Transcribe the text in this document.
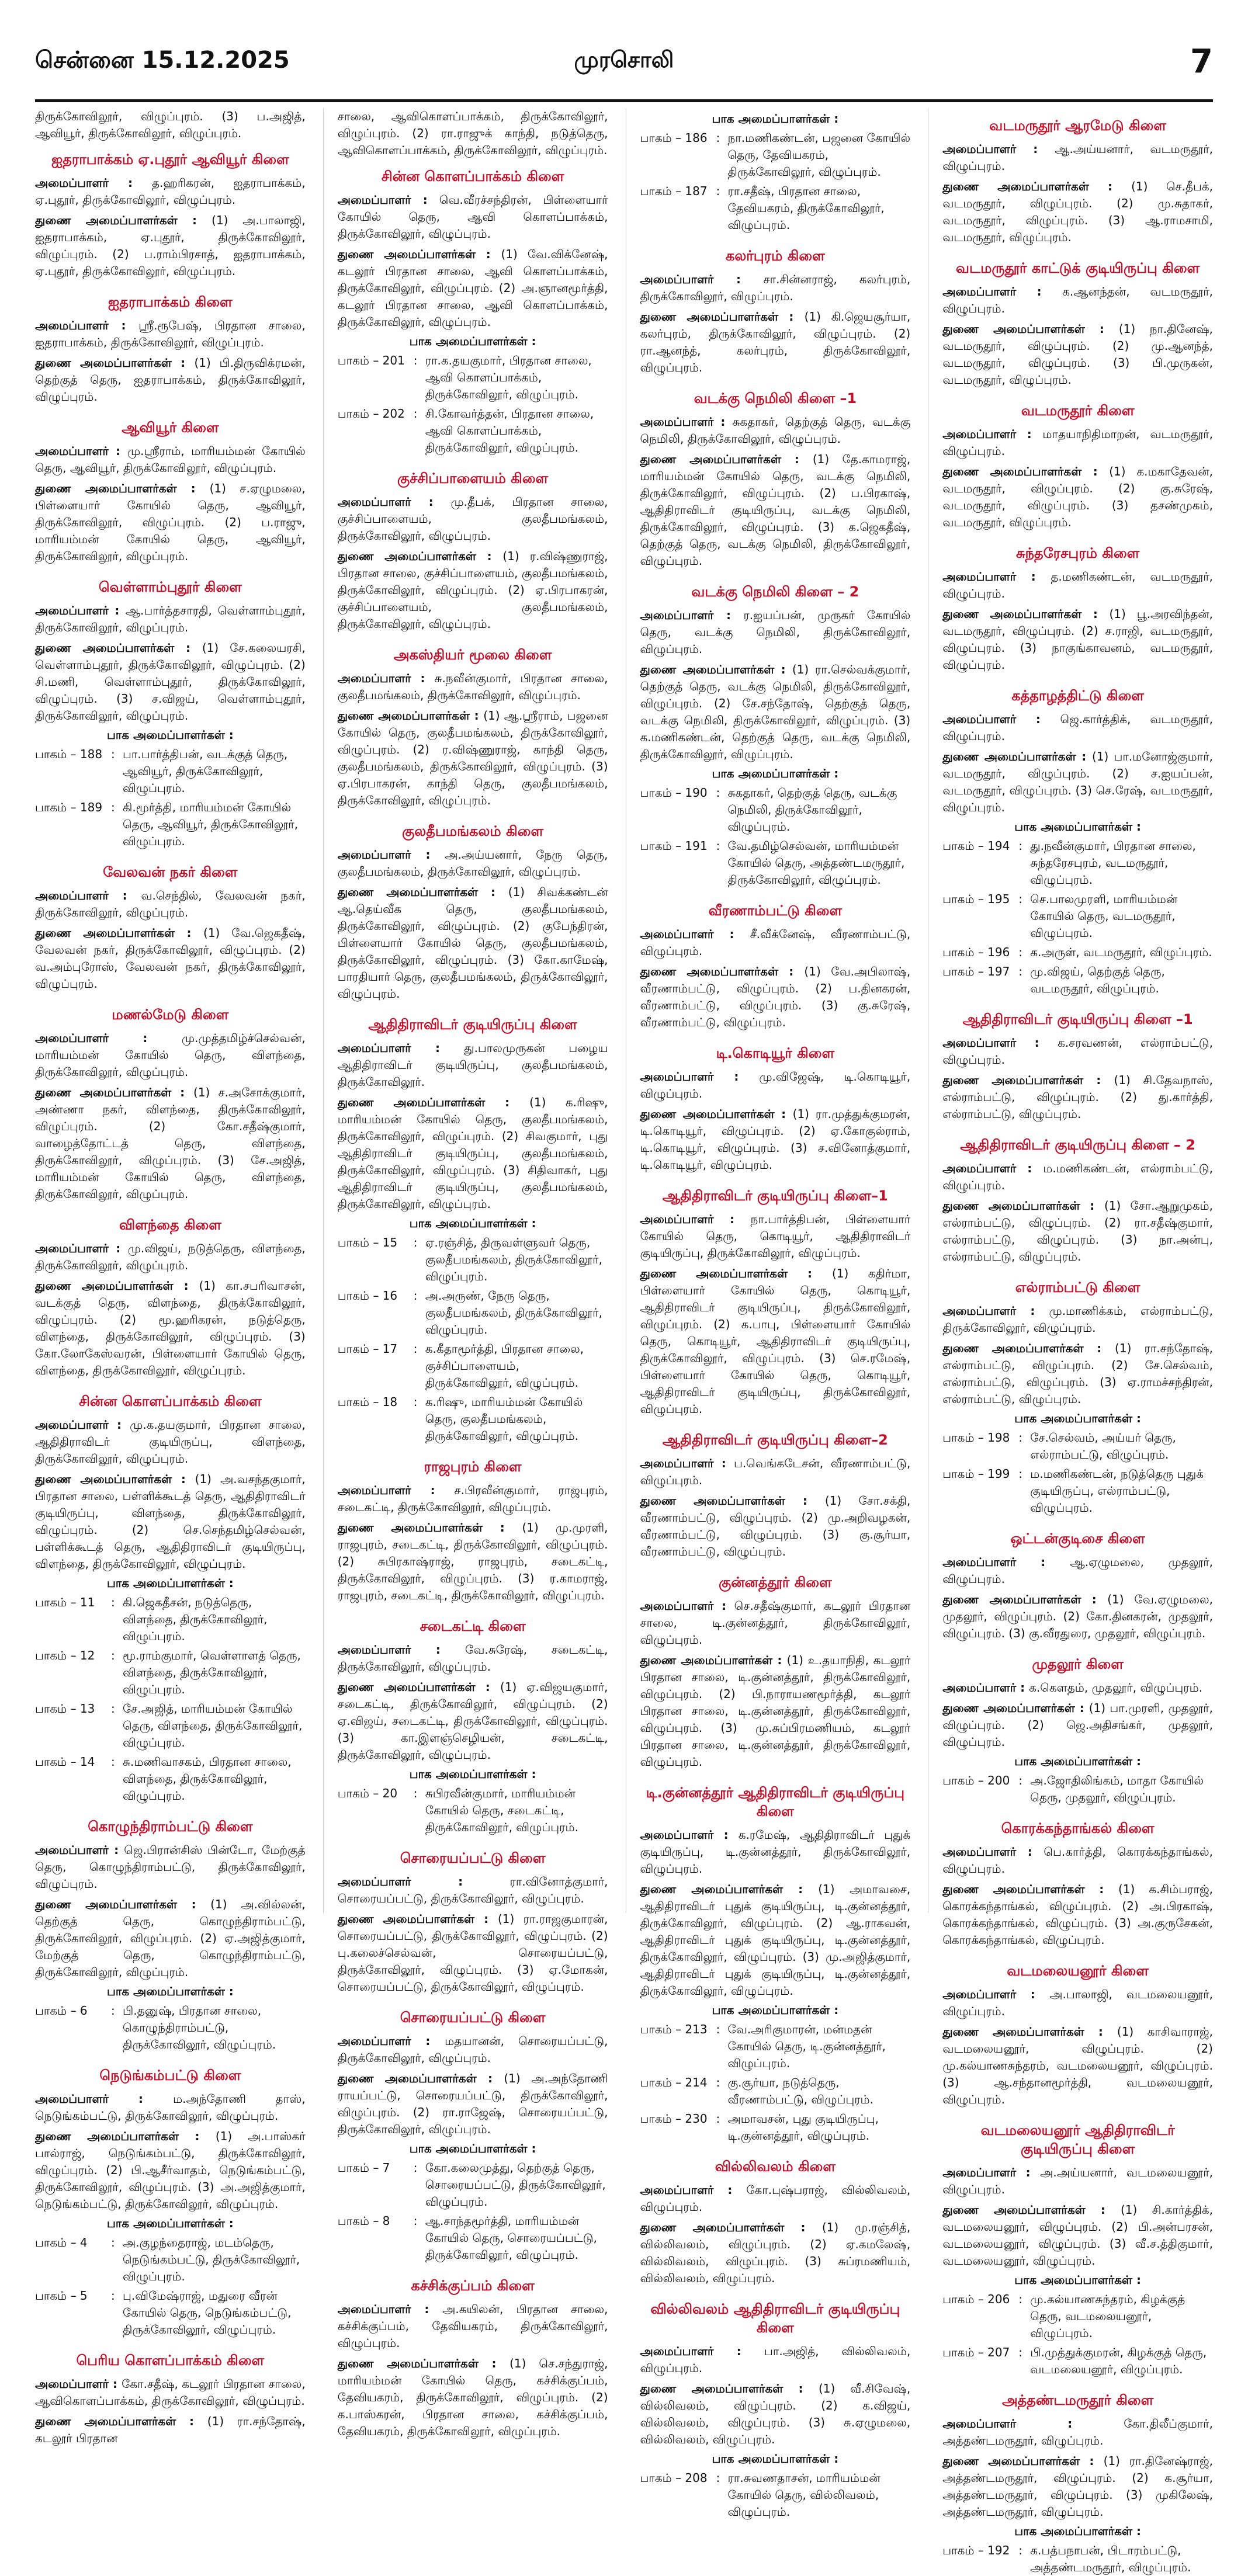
சென்னை 15.12.2025	முரசொலி	7

திருக்கோவிலூர், விழுப்புரம். (3) ப.அஜித், ஆவியூர், திருக்கோவிலூர், விழுப்புரம்.

ஐதராபாக்கம் ஏ.புதூர் ஆவியூர் கிளை

அமைப்பாளர் : த.ஹரிகரன், ஐதராபாக்கம், ஏ.புதூர், திருக்கோவிலூர், விழுப்புரம்.

துணை அமைப்பாளர்கள் : (1) அ.பாலாஜி, ஐதராபாக்கம், ஏ.புதூர், திருக்கோவிலூர், விழுப்புரம். (2) ப.ராம்பிரசாத், ஐதராபாக்கம், ஏ.புதூர், திருக்கோவிலூர், விழுப்புரம்.

ஐதராபாக்கம் கிளை

அமைப்பாளர் : ஸ்ரீ.ரூபேஷ், பிரதான சாலை, ஐதராபாக்கம், திருக்கோவிலூர், விழுப்புரம்.

துணை அமைப்பாளர்கள் : (1) பி.திருவிக்ரமன், தெற்குத் தெரு, ஐதராபாக்கம், திருக்கோவிலூர், விழுப்புரம்.

ஆவியூர் கிளை

அமைப்பாளர் : மு.ஸ்ரீராம், மாரியம்மன் கோயில் தெரு, ஆவியூர், திருக்கோவிலூர், விழுப்புரம்.

துணை அமைப்பாளர்கள் : (1) ச.ஏழுமலை, பிள்ளையார் கோயில் தெரு, ஆவியூர், திருக்கோவிலூர், விழுப்புரம். (2) ப.ராஜு, மாரியம்மன் கோயில் தெரு, ஆவியூர், திருக்கோவிலூர், விழுப்புரம்.

வெள்ளாம்புதூர் கிளை

அமைப்பாளர் : ஆ.பார்த்தசாரதி, வெள்ளாம்புதூர், திருக்கோவிலூர், விழுப்புரம்.

துணை அமைப்பாளர்கள் : (1) சே.கலையரசி, வெள்ளாம்புதூர், திருக்கோவிலூர், விழுப்புரம். (2) சி.மணி, வெள்ளாம்புதூர், திருக்கோவிலூர், விழுப்புரம். (3) ச.விஜய், வெள்ளாம்புதூர், திருக்கோவிலூர், விழுப்புரம்.

பாக அமைப்பாளர்கள் :
பாகம் – 188 : பா.பார்த்திபன், வடக்குத் தெரு, ஆவியூர், திருக்கோவிலூர், விழுப்புரம்.
பாகம் – 189 : கி.மூர்த்தி, மாரியம்மன் கோயில் தெரு, ஆவியூர், திருக்கோவிலூர், விழுப்புரம்.
வேலவன் நகர் கிளை

அமைப்பாளர் : வ.செந்தில், வேலவன் நகர், திருக்கோவிலூர், விழுப்புரம்.

துணை அமைப்பாளர்கள் : (1) வே.ஜெகதீஷ், வேலவன் நகர், திருக்கோவிலூர், விழுப்புரம். (2) வ.அம்புரோஸ், வேலவன் நகர், திருக்கோவிலூர், விழுப்புரம்.

மணல்மேடு கிளை

அமைப்பாளர் : மு.முத்தமிழ்ச்செல்வன், மாரியம்மன் கோயில் தெரு, விளந்தை, திருக்கோவிலூர், விழுப்புரம்.

துணை அமைப்பாளர்கள் : (1) ச.அசோக்குமார், அண்ணா நகர், விளந்தை, திருக்கோவிலூர், விழுப்புரம். (2) கோ.சதீஷ்குமார், வாழைத்தோட்டத் தெரு, விளந்தை, திருக்கோவிலூர், விழுப்புரம். (3) சே.அஜித், மாரியம்மன் கோயில் தெரு, விளந்தை, திருக்கோவிலூர், விழுப்புரம்.

விளந்தை கிளை

அமைப்பாளர் : மு.விஜய், நடுத்தெரு, விளந்தை, திருக்கோவிலூர், விழுப்புரம்.

துணை அமைப்பாளர்கள் : (1) கா.சபரிவாசன், வடக்குத் தெரு, விளந்தை, திருக்கோவிலூர், விழுப்புரம். (2) மூ.ஹரிகரன், நடுத்தெரு, விளந்தை, திருக்கோவிலூர், விழுப்புரம். (3) கோ.லோகேஸ்வரன், பிள்ளையார் கோயில் தெரு, விளந்தை, திருக்கோவிலூர், விழுப்புரம்.

சின்ன கொளப்பாக்கம் கிளை

அமைப்பாளர் : மு.க.தயகுமார், பிரதான சாலை, ஆதிதிராவிடர் குடியிருப்பு, விளந்தை, திருக்கோவிலூர், விழுப்புரம்.

துணை அமைப்பாளர்கள் : (1) அ.வசந்தகுமார், பிரதான சாலை, பள்ளிக்கூடத் தெரு, ஆதிதிராவிடர் குடியிருப்பு, விளந்தை, திருக்கோவிலூர், விழுப்புரம். (2) செ.செந்தமிழ்செல்வன், பள்ளிக்கூடத் தெரு, ஆதிதிராவிடர் குடியிருப்பு, விளந்தை, திருக்கோவிலூர், விழுப்புரம்.

பாக அமைப்பாளர்கள் :
பாகம் – 11	: கி.ஜெகதீசன், நடுத்தெரு, விளந்தை, திருக்கோவிலூர், விழுப்புரம்.
பாகம் – 12	: மூ.ராம்குமார், வெள்ளாளத் தெரு, விளந்தை, திருக்கோவிலூர், விழுப்புரம்.
பாகம் – 13	: சே.அஜித், மாரியம்மன் கோயில் தெரு, விளந்தை, திருக்கோவிலூர், விழுப்புரம்.
பாகம் – 14	: சு.மணிவாசகம், பிரதான சாலை, விளந்தை, திருக்கோவிலூர், விழுப்புரம்.
கொழுந்திராம்பட்டு கிளை

அமைப்பாளர் : ஜெ.பிரான்சிஸ் பின்டோ, மேற்குத் தெரு, கொழுந்திராம்பட்டு, திருக்கோவிலூர், விழுப்புரம்.

துணை அமைப்பாளர்கள் : (1) அ.வில்லன், தெற்குத் தெரு, கொழுந்திராம்பட்டு, திருக்கோவிலூர், விழுப்புரம். (2) ஏ.அஜித்குமார், மேற்குத் தெரு, கொழுந்திராம்பட்டு, திருக்கோவிலூர், விழுப்புரம்.

பாக அமைப்பாளர்கள் :
பாகம் – 6	: பி.தனுஷ், பிரதான சாலை, கொழுந்திராம்பட்டு, திருக்கோவிலூர், விழுப்புரம்.
நெடுங்கம்பட்டு கிளை

அமைப்பாளர் : ம.அந்தோணி தாஸ், நெடுங்கம்பட்டு, திருக்கோவிலூர், விழுப்புரம்.

துணை அமைப்பாளர்கள் : (1) அ.பாஸ்கர் பால்ராஜ், நெடுங்கம்பட்டு, திருக்கோவிலூர், விழுப்புரம். (2) பி.ஆசீர்வாதம், நெடுங்கம்பட்டு, திருக்கோவிலூர், விழுப்புரம். (3) அ.அஜித்குமார், நெடுங்கம்பட்டு, திருக்கோவிலூர், விழுப்புரம்.

பாக அமைப்பாளர்கள் :
பாகம் – 4	: அ.குழந்தைராஜ், மடம்தெரு, நெடுங்கம்பட்டு, திருக்கோவிலூர், விழுப்புரம்.
பாகம் – 5	: பு.விமேஷ்ராஜ், மதுரை வீரன் கோயில் தெரு, நெடுங்கம்பட்டு, திருக்கோவிலூர், விழுப்புரம்.
பெரிய கொளப்பாக்கம் கிளை

அமைப்பாளர் : கோ.சதீஷ், கடலூர் பிரதான சாலை, ஆவிகொளப்பாக்கம், திருக்கோவிலூர், விழுப்புரம்.

துணை அமைப்பாளர்கள் : (1) ரா.சந்தோஷ், கடலூர் பிரதான

சாலை, ஆவிகொளப்பாக்கம், திருக்கோவிலூர், விழுப்புரம். (2) ரா.ராஜுக் காந்தி, நடுத்தெரு, ஆவிகொளப்பாக்கம், திருக்கோவிலூர், விழுப்புரம்.

சின்ன கொளப்பாக்கம் கிளை

அமைப்பாளர் : வெ.வீரச்சந்திரன், பிள்ளையார் கோயில் தெரு, ஆவி கொளப்பாக்கம், திருக்கோவிலூர், விழுப்புரம்.

துணை அமைப்பாளர்கள் : (1) வே.விக்னேஷ், கடலூர் பிரதான சாலை, ஆவி கொளப்பாக்கம், திருக்கோவிலூர், விழுப்புரம். (2) அ.ஞானமூர்த்தி, கடலூர் பிரதான சாலை, ஆவி கொளப்பாக்கம், திருக்கோவிலூர், விழுப்புரம்.

பாக அமைப்பாளர்கள் :
பாகம் – 201 : ரா.க.தயகுமார், பிரதான சாலை, ஆவி கொளப்பாக்கம், திருக்கோவிலூர், விழுப்புரம்.
பாகம் – 202 : சி.கோவர்த்தன், பிரதான சாலை, ஆவி கொளப்பாக்கம், திருக்கோவிலூர், விழுப்புரம்.
குச்சிப்பாளையம் கிளை

அமைப்பாளர் : மு.தீபக், பிரதான சாலை, குச்சிப்பாளையம், குலதீபமங்கலம், திருக்கோவிலூர், விழுப்புரம்.

துணை அமைப்பாளர்கள் : (1) ர.விஷ்ணுராஜ், பிரதான சாலை, குச்சிப்பாளையம், குலதீபமங்கலம், திருக்கோவிலூர், விழுப்புரம். (2) ஏ.பிரபாகரன், குச்சிப்பாளையம், குலதீபமங்கலம், திருக்கோவிலூர், விழுப்புரம்.

அகஸ்தியர் மூலை கிளை

அமைப்பாளர் : சு.நவீன்குமார், பிரதான சாலை, குலதீபமங்கலம், திருக்கோவிலூர், விழுப்புரம்.

துணை அமைப்பாளர்கள் : (1) ஆ.ஸ்ரீராம், பஜனை கோயில் தெரு, குலதீபமங்கலம், திருக்கோவிலூர், விழுப்புரம். (2) ர.விஷ்ணுராஜ், காந்தி தெரு, குலதீபமங்கலம், திருக்கோவிலூர், விழுப்புரம். (3) ஏ.பிரபாகரன், காந்தி தெரு, குலதீபமங்கலம், திருக்கோவிலூர், விழுப்புரம்.

குலதீபமங்கலம் கிளை

அமைப்பாளர் : அ.அய்யனார், நேரு தெரு, குலதீபமங்கலம், திருக்கோவிலூர், விழுப்புரம்.

துணை அமைப்பாளர்கள் : (1) சிவக்கண்டன் ஆ.தெய்வீக தெரு, குலதீபமங்கலம், திருக்கோவிலூர், விழுப்புரம். (2) குபேந்திரன், பிள்ளையார் கோயில் தெரு, குலதீபமங்கலம், திருக்கோவிலூர், விழுப்புரம். (3) கோ.காமேஷ், பாரதியார் தெரு, குலதீபமங்கலம், திருக்கோவிலூர், விழுப்புரம்.

ஆதிதிராவிடர் குடியிருப்பு கிளை

அமைப்பாளர் : து.பாலமுருகன் பழைய ஆதிதிராவிடர் குடியிருப்பு, குலதீபமங்கலம், திருக்கோவிலூர்.

துணை அமைப்பாளர்கள் : (1) க.ரிஷு, மாரியம்மன் கோயில் தெரு, குலதீபமங்கலம், திருக்கோவிலூர், விழுப்புரம். (2) சிவகுமார், புது ஆதிதிராவிடர் குடியிருப்பு, குலதீபமங்கலம், திருக்கோவிலூர், விழுப்புரம். (3) சிதிவாகர், புது ஆதிதிராவிடர் குடியிருப்பு, குலதீபமங்கலம், திருக்கோவிலூர், விழுப்புரம்.

பாக அமைப்பாளர்கள் :
பாகம் – 15	: ஏ.ரஞ்சித், திருவள்ளுவர் தெரு, குலதீபமங்கலம், திருக்கோவிலூர், விழுப்புரம்.
பாகம் – 16	: அ.அருண், நேரு தெரு, குலதீபமங்கலம், திருக்கோவிலூர், விழுப்புரம்.
பாகம் – 17	: க.கீதாமூர்த்தி, பிரதான சாலை, குச்சிப்பாளையம், திருக்கோவிலூர், விழுப்புரம்.
பாகம் – 18	: க.ரிஷு, மாரியம்மன் கோயில் தெரு, குலதீபமங்கலம், திருக்கோவிலூர், விழுப்புரம்.
ராஜபுரம் கிளை

அமைப்பாளர் : ச.பிரவீன்குமார், ராஜபுரம், சடைகட்டி, திருக்கோவிலூர், விழுப்புரம்.

துணை அமைப்பாளர்கள் : (1) மு.முரளி, ராஜபுரம், சடைகட்டி, திருக்கோவிலூர், விழுப்புரம். (2) சுபிரகாஷ்ராஜ், ராஜபுரம், சடைகட்டி, திருக்கோவிலூர், விழுப்புரம். (3) ர.காமராஜ், ராஜபுரம், சடைகட்டி, திருக்கோவிலூர், விழுப்புரம்.

சடைகட்டி கிளை

அமைப்பாளர் : வே.சுரேஷ், சடைகட்டி, திருக்கோவிலூர், விழுப்புரம்.

துணை அமைப்பாளர்கள் : (1) ஏ.விஜயகுமார், சடைகட்டி, திருக்கோவிலூர், விழுப்புரம். (2) ஏ.விஜய், சடைகட்டி, திருக்கோவிலூர், விழுப்புரம். (3) கா.இளஞ்செழியன், சடைகட்டி, திருக்கோவிலூர், விழுப்புரம்.

பாக அமைப்பாளர்கள் :
பாகம் – 20	: சுபிரவீன்குமார், மாரியம்மன் கோயில் தெரு, சடைகட்டி, திருக்கோவிலூர், விழுப்புரம்.
சொரையப்பட்டு கிளை

அமைப்பாளர் : ரா.வினோத்குமார், சொரையப்பட்டு, திருக்கோவிலூர், விழுப்புரம்.

துணை அமைப்பாளர்கள் : (1) ரா.ராஜகுமாரன், சொரையப்பட்டு, திருக்கோவிலூர், விழுப்புரம். (2) பு.கலைச்செல்வன், சொரையப்பட்டு, திருக்கோவிலூர், விழுப்புரம். (3) ஏ.மோகன், சொரையப்பட்டு, திருக்கோவிலூர், விழுப்புரம்.

சொரையப்பட்டு கிளை

அமைப்பாளர் : மதயானன், சொரையப்பட்டு, திருக்கோவிலூர், விழுப்புரம்.

துணை அமைப்பாளர்கள் : (1) அ.அந்தோணி ராயப்பட்டு, சொரையப்பட்டு, திருக்கோவிலூர், விழுப்புரம். (2) ரா.ராஜேஷ், சொரையப்பட்டு, திருக்கோவிலூர், விழுப்புரம்.

பாக அமைப்பாளர்கள் :
பாகம் – 7	: கோ.கலைமுத்து, தெற்குத் தெரு, சொரையப்பட்டு, திருக்கோவிலூர், விழுப்புரம்.
பாகம் – 8	: ஆ.சாந்தமூர்த்தி, மாரியம்மன் கோயில் தெரு, சொரையப்பட்டு, திருக்கோவிலூர், விழுப்புரம்.
கச்சிக்குப்பம் கிளை

அமைப்பாளர் : அ.கயிலன், பிரதான சாலை, கச்சிக்குப்பம், தேவியகரம், திருக்கோவிலூர், விழுப்புரம்.

துணை அமைப்பாளர்கள் : (1) செ.சந்துராஜ், மாரியம்மன் கோயில் தெரு, கச்சிக்குப்பம், தேவியகரம், திருக்கோவிலூர், விழுப்புரம். (2) க.பாஸ்கரன், பிரதான சாலை, கச்சிக்குப்பம், தேவியகரம், திருக்கோவிலூர், விழுப்புரம்.

பாக அமைப்பாளர்கள் :
பாகம் – 186 : நா.மணிகண்டன், பஜனை கோயில் தெரு, தேவியகரம், திருக்கோவிலூர், விழுப்புரம்.
பாகம் – 187 : ரா.சதீஷ், பிரதான சாலை, தேவியகரம், திருக்கோவிலூர், விழுப்புரம்.
கலர்புரம் கிளை

அமைப்பாளர் : சா.சின்னராஜ், கலர்புரம், திருக்கோவிலூர், விழுப்புரம்.

துணை அமைப்பாளர்கள் : (1) கி.ஜெயசூர்யா, கலர்புரம், திருக்கோவிலூர், விழுப்புரம். (2) ரா.ஆனந்த், கலர்புரம், திருக்கோவிலூர், விழுப்புரம்.

வடக்கு நெமிலி கிளை –1

அமைப்பாளர் : சுகதாகர், தெற்குத் தெரு, வடக்கு நெமிலி, திருக்கோவிலூர், விழுப்புரம்.

துணை அமைப்பாளர்கள் : (1) தே.காமராஜ், மாரியம்மன் கோயில் தெரு, வடக்கு நெமிலி, திருக்கோவிலூர், விழுப்புரம். (2) ப.பிரகாஷ், ஆதிதிராவிடர் குடியிருப்பு, வடக்கு நெமிலி, திருக்கோவிலூர், விழுப்புரம். (3) க.ஜெகதீஷ், தெற்குத் தெரு, வடக்கு நெமிலி, திருக்கோவிலூர், விழுப்புரம்.

வடக்கு நெமிலி கிளை – 2

அமைப்பாளர் : ர.ஐயப்பன், முருகர் கோயில் தெரு, வடக்கு நெமிலி, திருக்கோவிலூர், விழுப்புரம்.

துணை அமைப்பாளர்கள் : (1) ரா.செல்வக்குமார், தெற்குத் தெரு, வடக்கு நெமிலி, திருக்கோவிலூர், விழுப்புரம். (2) சே.சந்தோஷ், தெற்குத் தெரு, வடக்கு நெமிலி, திருக்கோவிலூர், விழுப்புரம். (3) க.மணிகண்டன், தெற்குத் தெரு, வடக்கு நெமிலி, திருக்கோவிலூர், விழுப்புரம்.

பாக அமைப்பாளர்கள் :
பாகம் – 190 : சுகதாகர், தெற்குத் தெரு, வடக்கு நெமிலி, திருக்கோவிலூர், விழுப்புரம்.
பாகம் – 191 : வே.தமிழ்செல்வன், மாரியம்மன் கோயில் தெரு, அத்தண்டமருதூர், திருக்கோவிலூர், விழுப்புரம்.
வீரணாம்பட்டு கிளை

அமைப்பாளர் : சீ.வீக்னேஷ், வீரணாம்பட்டு, விழுப்புரம்.

துணை அமைப்பாளர்கள் : (1) வே.அபிலாஷ், வீரணாம்பட்டு, விழுப்புரம். (2) ப.தினகரன், வீரணாம்பட்டு, விழுப்புரம். (3) கு.சுரேஷ், வீரணாம்பட்டு, விழுப்புரம்.

டி.கொடியூர் கிளை

அமைப்பாளர் : மு.விஜேஷ், டி.கொடியூர், விழுப்புரம்.

துணை அமைப்பாளர்கள் : (1) ரா.முத்துக்குமரன், டி.கொடியூர், விழுப்புரம். (2) ஏ.கோகுல்ராம், டி.கொடியூர், விழுப்புரம். (3) ச.வினோத்குமார், டி.கொடியூர், விழுப்புரம்.

ஆதிதிராவிடர் குடியிருப்பு கிளை–1

அமைப்பாளர் : நா.பார்த்திபன், பிள்ளையார் கோயில் தெரு, கொடியூர், ஆதிதிராவிடர் குடியிருப்பு, திருக்கோவிலூர், விழுப்புரம்.

துணை அமைப்பாளர்கள் : (1) கதிர்மா, பிள்ளையார் கோயில் தெரு, கொடியூர், ஆதிதிராவிடர் குடியிருப்பு, திருக்கோவிலூர், விழுப்புரம். (2) க.பாபு, பிள்ளையார் கோயில் தெரு, கொடியூர், ஆதிதிராவிடர் குடியிருப்பு, திருக்கோவிலூர், விழுப்புரம். (3) செ.ரமேஷ், பிள்ளையார் கோயில் தெரு, கொடியூர், ஆதிதிராவிடர் குடியிருப்பு, திருக்கோவிலூர், விழுப்புரம்.

ஆதிதிராவிடர் குடியிருப்பு கிளை–2

அமைப்பாளர் : ப.வெங்கடேசன், வீரணாம்பட்டு, விழுப்புரம்.

துணை அமைப்பாளர்கள் : (1) சோ.சக்தி, வீரணாம்பட்டு, விழுப்புரம். (2) மு.அறிவழகன், வீரணாம்பட்டு, விழுப்புரம். (3) கு.சூர்யா, வீரணாம்பட்டு, விழுப்புரம்.

குன்னத்தூர் கிளை

அமைப்பாளர் : செ.சதீஷ்குமார், கடலூர் பிரதான சாலை, டி.குன்னத்தூர், திருக்கோவிலூர், விழுப்புரம்.

துணை அமைப்பாளர்கள் : (1) உ.தயாநிதி, கடலூர் பிரதான சாலை, டி.குன்னத்தூர், திருக்கோவிலூர், விழுப்புரம். (2) பி.நாராயணமூர்த்தி, கடலூர் பிரதான சாலை, டி.குன்னத்தூர், திருக்கோவிலூர், விழுப்புரம். (3) மு.சுப்பிரமணியம், கடலூர் பிரதான சாலை, டி.குன்னத்தூர், திருக்கோவிலூர், விழுப்புரம்.

டி.குன்னத்தூர் ஆதிதிராவிடர் குடியிருப்பு கிளை

அமைப்பாளர் : க.ரமேஷ், ஆதிதிராவிடர் புதுக் குடியிருப்பு, டி.குன்னத்தூர், திருக்கோவிலூர், விழுப்புரம்.

துணை அமைப்பாளர்கள் : (1) அமாவசை, ஆதிதிராவிடர் புதுக் குடியிருப்பு, டி.குன்னத்தூர், திருக்கோவிலூர், விழுப்புரம். (2) ஆ.ராகவன், ஆதிதிராவிடர் புதுக் குடியிருப்பு, டி.குன்னத்தூர், திருக்கோவிலூர், விழுப்புரம். (3) மு.அஜித்குமார், ஆதிதிராவிடர் புதுக் குடியிருப்பு, டி.குன்னத்தூர், திருக்கோவிலூர், விழுப்புரம்.

பாக அமைப்பாளர்கள் :
பாகம் – 213 : வே.அரிகுமாரன், மன்மதன் கோயில் தெரு, டி.குன்னத்தூர், விழுப்புரம்.
பாகம் – 214 : கு.சூர்யா, நடுத்தெரு, வீரணாம்பட்டு, விழுப்புரம்.
பாகம் – 230 : அமாவசன், புது குடியிருப்பு, டி.குன்னத்தூர், விழுப்புரம்.
வில்லிவலம் கிளை

அமைப்பாளர் : கோ.புஷ்பராஜ், வில்லிவலம், விழுப்புரம்.

துணை அமைப்பாளர்கள் : (1) மு.ரஞ்சித், வில்லிவலம், விழுப்புரம். (2) ஏ.கமலேஷ், வில்லிவலம், விழுப்புரம். (3) சுப்ரமணியம், வில்லிவலம், விழுப்புரம்.

வில்லிவலம் ஆதிதிராவிடர் குடியிருப்பு கிளை

அமைப்பாளர் : பா.அஜித், வில்லிவலம், விழுப்புரம்.

துணை அமைப்பாளர்கள் : (1) வீ.சிவேஷ், வில்லிவலம், விழுப்புரம். (2) க.விஜய், வில்லிவலம், விழுப்புரம். (3) சு.ஏழுமலை, வில்லிவலம், விழுப்புரம்.

பாக அமைப்பாளர்கள் :
பாகம் – 208 : ரா.சுவணதாசன், மாரியம்மன் கோயில் தெரு, வில்லிவலம், விழுப்புரம்.
வடமருதூர் ஆரமேடு கிளை

அமைப்பாளர் : ஆ.அய்யனார், வடமருதூர், விழுப்புரம்.

துணை அமைப்பாளர்கள் : (1) செ.தீபக், வடமருதூர், விழுப்புரம். (2) மு.சுதாகர், வடமருதூர், விழுப்புரம். (3) ஆ.ராமசாமி, வடமருதூர், விழுப்புரம்.

வடமருதூர் காட்டுக் குடியிருப்பு கிளை

அமைப்பாளர் : க.ஆனந்தன், வடமருதூர், விழுப்புரம்.

துணை அமைப்பாளர்கள் : (1) நா.தினேஷ், வடமருதூர், விழுப்புரம். (2) மு.ஆனந்த், வடமருதூர், விழுப்புரம். (3) பி.முருகன், வடமருதூர், விழுப்புரம்.

வடமருதூர் கிளை

அமைப்பாளர் : மாதயாநிதிமாறன், வடமருதூர், விழுப்புரம்.

துணை அமைப்பாளர்கள் : (1) க.மகாதேவன், வடமருதூர், விழுப்புரம். (2) கு.சுரேஷ், வடமருதூர், விழுப்புரம். (3) தசண்முகம், வடமருதூர், விழுப்புரம்.

சுந்தரேசபுரம் கிளை

அமைப்பாளர் : த.மணிகண்டன், வடமருதூர், விழுப்புரம்.

துணை அமைப்பாளர்கள் : (1) பூ.அரவிந்தன், வடமருதூர், விழுப்புரம். (2) ச.ராஜி, வடமருதூர், விழுப்புரம். (3) நாகுங்காவனம், வடமருதூர், விழுப்புரம்.

கத்தாழத்திட்டு கிளை

அமைப்பாளர் : ஜெ.கார்த்திக், வடமருதூர், விழுப்புரம்.

துணை அமைப்பாளர்கள் : (1) பா.மனோஜ்குமார், வடமருதூர், விழுப்புரம். (2) ச.ஐயப்பன், வடமருதூர், விழுப்புரம். (3) செ.ரேஷ், வடமருதூர், விழுப்புரம்.

பாக அமைப்பாளர்கள் :
பாகம் – 194 : து.நவீன்குமார், பிரதான சாலை, சுந்தரேசபுரம், வடமருதூர், விழுப்புரம்.
பாகம் – 195 : செ.பாலமுரளி, மாரியம்மன் கோயில் தெரு, வடமருதூர், விழுப்புரம்.
பாகம் – 196 : க.அருள், வடமருதூர், விழுப்புரம்.
பாகம் – 197 : மு.விஜய், தெற்குத் தெரு, வடமருதூர், விழுப்புரம்.
ஆதிதிராவிடர் குடியிருப்பு கிளை –1

அமைப்பாளர் : க.சரவணன், எல்ராம்பட்டு, விழுப்புரம்.

துணை அமைப்பாளர்கள் : (1) சி.தேவநாஸ், எல்ராம்பட்டு, விழுப்புரம். (2) து.கார்த்தி, எல்ராம்பட்டு, விழுப்புரம்.

ஆதிதிராவிடர் குடியிருப்பு கிளை – 2

அமைப்பாளர் : ம.மணிகண்டன், எல்ராம்பட்டு, விழுப்புரம்.

துணை அமைப்பாளர்கள் : (1) சோ.ஆறுமுகம், எல்ராம்பட்டு, விழுப்புரம். (2) ரா.சதீஷ்குமார், எல்ராம்பட்டு, விழுப்புரம். (3) நா.அன்பு, எல்ராம்பட்டு, விழுப்புரம்.

எல்ராம்பட்டு கிளை

அமைப்பாளர் : மு.மாணிக்கம், எல்ராம்பட்டு, திருக்கோவிலூர், விழுப்புரம்.

துணை அமைப்பாளர்கள் : (1) ரா.சந்தோஷ், எல்ராம்பட்டு, விழுப்புரம். (2) சே.செல்வம், எல்ராம்பட்டு, விழுப்புரம். (3) ஏ.ராமச்சந்திரன், எல்ராம்பட்டு, விழுப்புரம்.

பாக அமைப்பாளர்கள் :
பாகம் – 198 : சே.செல்வம், அய்யர் தெரு, எல்ராம்பட்டு, விழுப்புரம்.
பாகம் – 199 : ம.மணிகண்டன், நடுத்தெரு புதுக் குடியிருப்பு, எல்ராம்பட்டு, விழுப்புரம்.
ஒட்டன்குடிசை கிளை

அமைப்பாளர் : ஆ.ஏழுமலை, முதலூர், விழுப்புரம்.

துணை அமைப்பாளர்கள் : (1) வே.ஏழுமலை, முதலூர், விழுப்புரம். (2) கோ.தினகரன், முதலூர், விழுப்புரம். (3) கு.வீரதுரை, முதலூர், விழுப்புரம்.

முதலூர் கிளை

அமைப்பாளர் : க.கௌதம், முதலூர், விழுப்புரம்.

துணை அமைப்பாளர்கள் : (1) பா.முரளி, முதலூர், விழுப்புரம். (2) ஜெ.அதிசங்கர், முதலூர், விழுப்புரம்.

பாக அமைப்பாளர்கள் :
பாகம் – 200 : அ.ஜோதிலிங்கம், மாதா கோயில் தெரு, முதலூர், விழுப்புரம்.
கொரக்கந்தாங்கல் கிளை

அமைப்பாளர் : பெ.கார்த்தி, கொரக்கந்தாங்கல், விழுப்புரம்.

துணை அமைப்பாளர்கள் : (1) க.சிம்பராஜ், கொரக்கந்தாங்கல், விழுப்புரம். (2) அ.பிரகாஷ், கொரக்கந்தாங்கல், விழுப்புரம். (3) அ.குருசேகன், கொரக்கந்தாங்கல், விழுப்புரம்.

வடமலையனூர் கிளை

அமைப்பாளர் : அ.பாலாஜி, வடமலையனூர், விழுப்புரம்.

துணை அமைப்பாளர்கள் : (1) காசிவாராஜ், வடமலையனூர், விழுப்புரம். (2) மு.கல்யாணசுந்தரம், வடமலையனூர், விழுப்புரம். (3) ஆ.சந்தானமூர்த்தி, வடமலையனூர், விழுப்புரம்.

வடமலையனூர் ஆதிதிராவிடர் குடியிருப்பு கிளை

அமைப்பாளர் : அ.அய்யனார், வடமலையனூர், விழுப்புரம்.

துணை அமைப்பாளர்கள் : (1) சி.கார்த்திக், வடமலையனூர், விழுப்புரம். (2) பி.அன்பரசன், வடமலையனூர், விழுப்புரம். (3) வீ.ச.த்திகுமார், வடமலையனூர், விழுப்புரம்.

பாக அமைப்பாளர்கள் :
பாகம் – 206 : மு.கல்யாணசுந்தரம், கிழக்குத் தெரு, வடமலையனூர், விழுப்புரம்.
பாகம் – 207 : பி.முத்துக்குமரன், கிழக்குத் தெரு, வடமலையனூர், விழுப்புரம்.
அத்தண்டமருதூர் கிளை

அமைப்பாளர் : கோ.திலீப்குமார், அத்தண்டமருதூர், விழுப்புரம்.

துணை அமைப்பாளர்கள் : (1) ரா.தினேஷ்ராஜ், அத்தண்டமருதூர், விழுப்புரம். (2) க.சூர்யா, அத்தண்டமருதூர், விழுப்புரம். (3) முகிலேஷ், அத்தண்டமருதூர், விழுப்புரம்.

பாக அமைப்பாளர்கள் :
பாகம் – 192 : க.பத்பநாபன், பிடாரம்பட்டு, அத்தண்டமருதூர், விழுப்புரம்.
